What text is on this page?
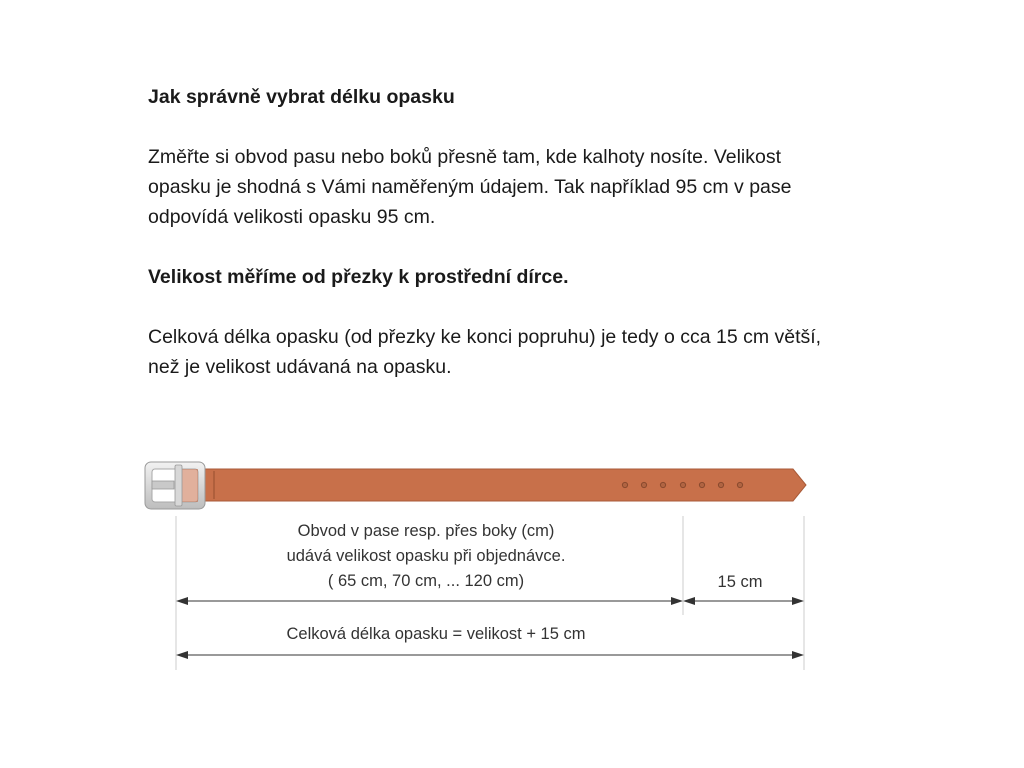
Jak správně vybrat délku opasku

Změřte si obvod pasu nebo boků přesně tam, kde kalhoty nosíte. Velikost

opasku je shodná s Vámi naměřeným údajem. Tak například 95 cm v pase

odpovídá velikosti opasku 95 cm.

Velikost měříme od přezky k prostřední dírce.

Celková délka opasku (od přezky ke konci popruhu) je tedy o cca 15 cm větší,

než je velikost udávaná na opasku.

Obvod v pase resp. přes boky (cm)
udává velikost opasku při objednávce.
( 65 cm, 70 cm, ... 120 cm)	15 cm
Celková délka opasku = velikost + 15 cm
